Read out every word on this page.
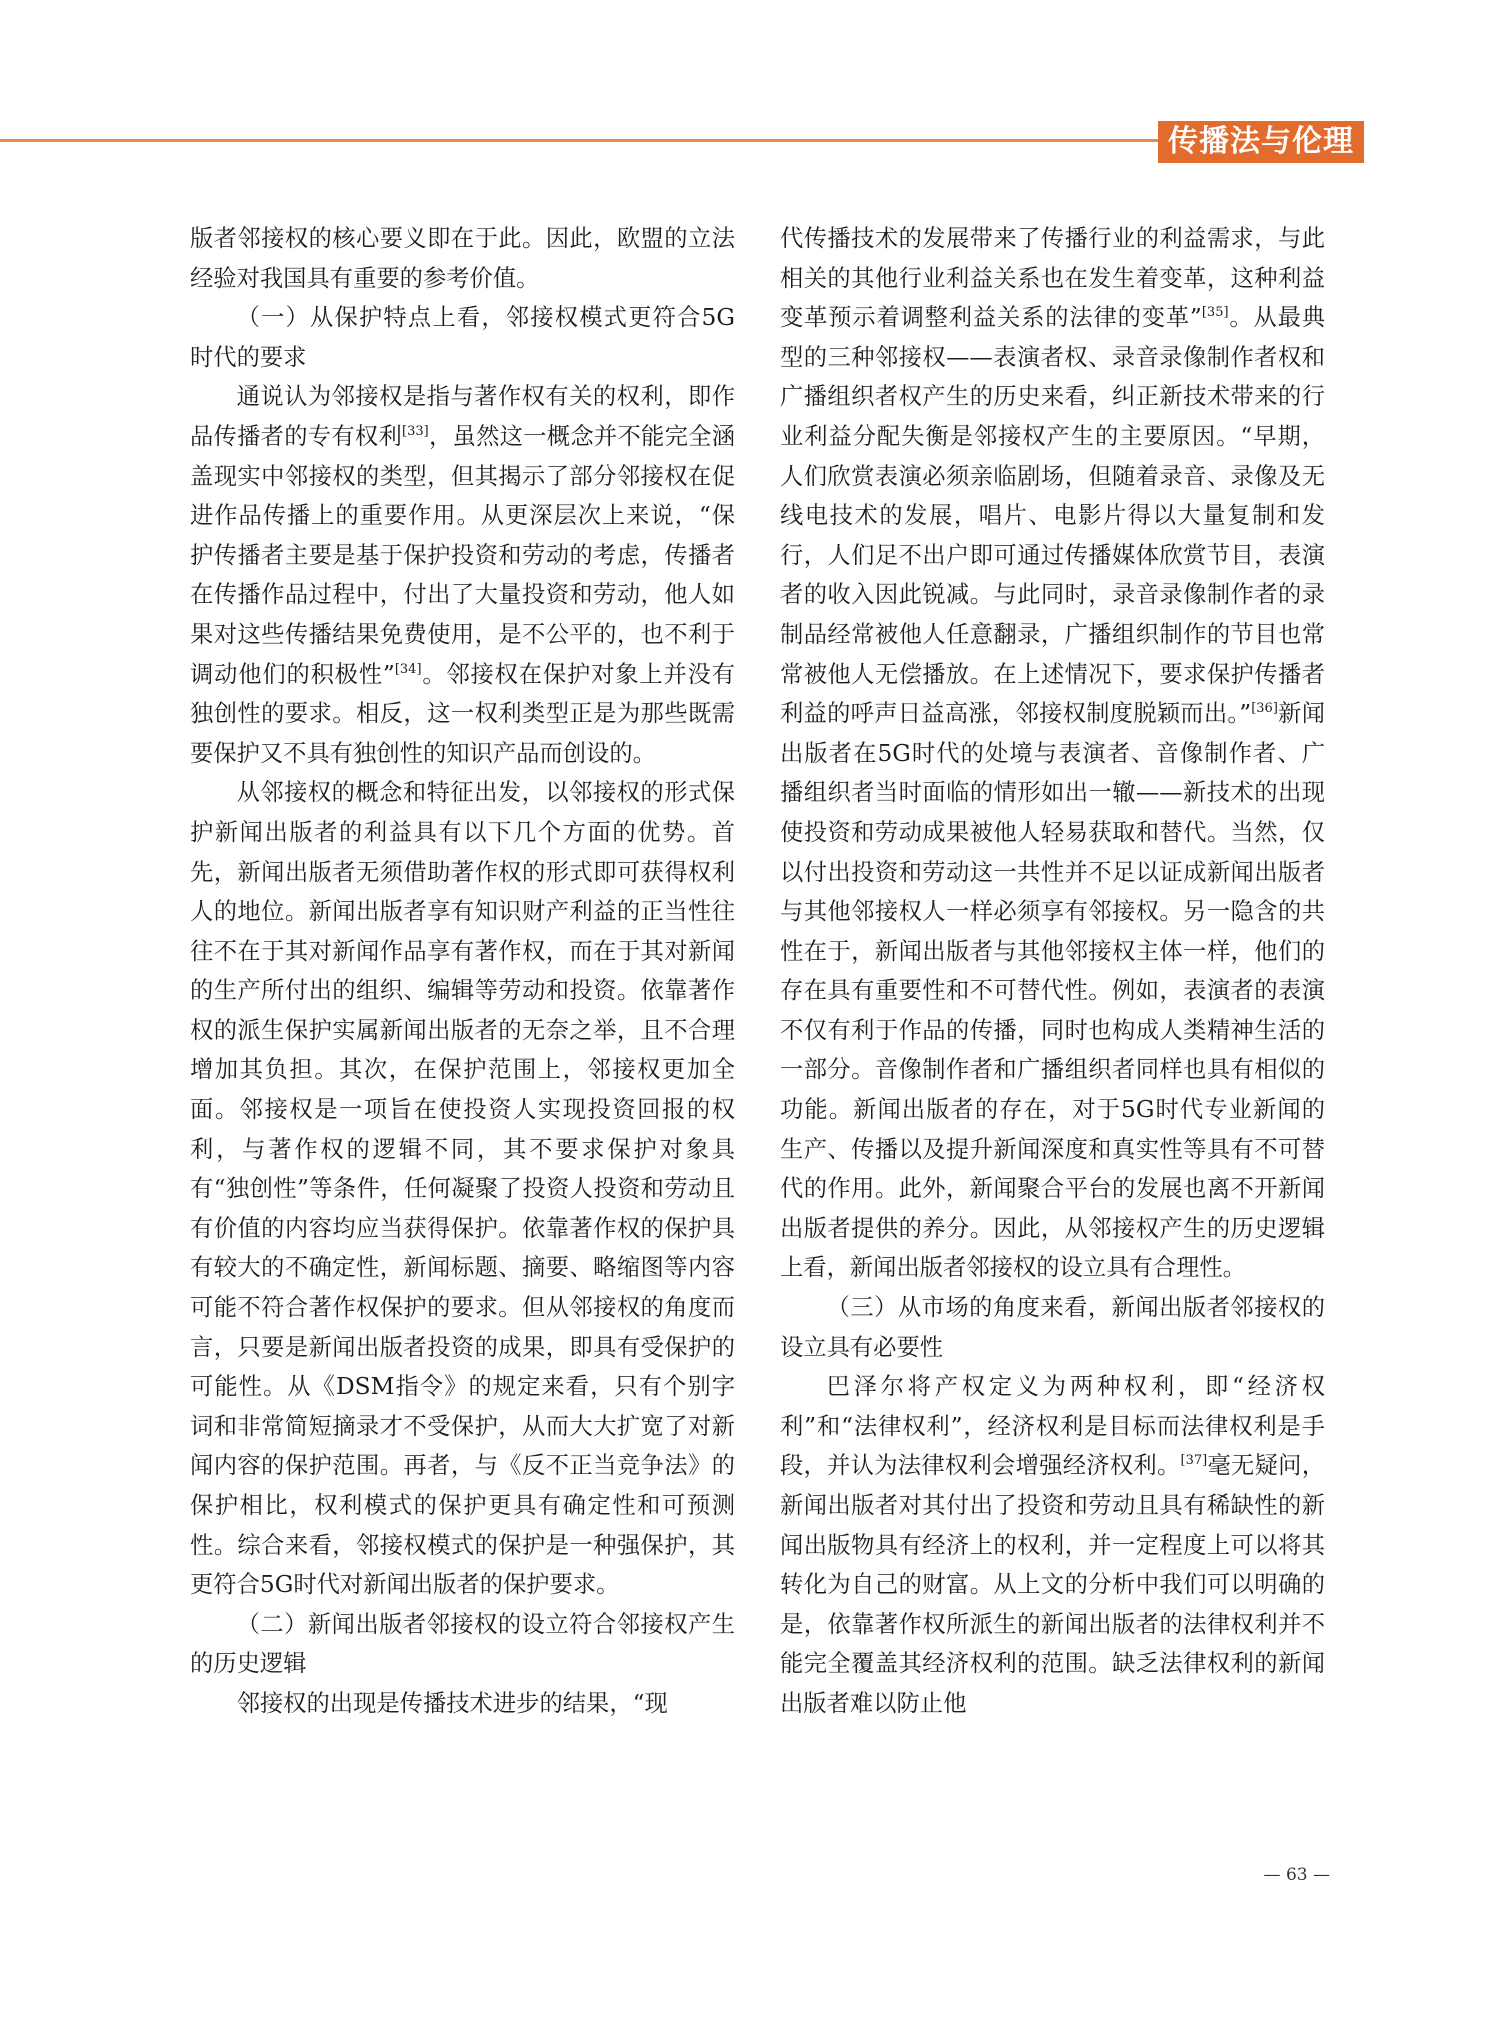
传播法与伦理

版者邻接权的核心要义即在于此。因此，欧盟的立法经验对我国具有重要的参考价值。

（一）从保护特点上看，邻接权模式更符合5G时代的要求

通说认为邻接权是指与著作权有关的权利，即作品传播者的专有权利[33]，虽然这一概念并不能完全涵盖现实中邻接权的类型，但其揭示了部分邻接权在促进作品传播上的重要作用。从更深层次上来说，“保护传播者主要是基于保护投资和劳动的考虑，传播者在传播作品过程中，付出了大量投资和劳动，他人如果对这些传播结果免费使用，是不公平的，也不利于调动他们的积极性”[34]。邻接权在保护对象上并没有独创性的要求。相反，这一权利类型正是为那些既需要保护又不具有独创性的知识产品而创设的。

从邻接权的概念和特征出发，以邻接权的形式保护新闻出版者的利益具有以下几个方面的优势。首先，新闻出版者无须借助著作权的形式即可获得权利人的地位。新闻出版者享有知识财产利益的正当性往往不在于其对新闻作品享有著作权，而在于其对新闻的生产所付出的组织、编辑等劳动和投资。依靠著作权的派生保护实属新闻出版者的无奈之举，且不合理增加其负担。其次，在保护范围上，邻接权更加全面。邻接权是一项旨在使投资人实现投资回报的权利，与著作权的逻辑不同，其不要求保护对象具有“独创性”等条件，任何凝聚了投资人投资和劳动且有价值的内容均应当获得保护。依靠著作权的保护具有较大的不确定性，新闻标题、摘要、略缩图等内容可能不符合著作权保护的要求。但从邻接权的角度而言，只要是新闻出版者投资的成果，即具有受保护的可能性。从《DSM指令》的规定来看，只有个别字词和非常简短摘录才不受保护，从而大大扩宽了对新闻内容的保护范围。再者，与《反不正当竞争法》的保护相比，权利模式的保护更具有确定性和可预测性。综合来看，邻接权模式的保护是一种强保护，其更符合5G时代对新闻出版者的保护要求。

（二）新闻出版者邻接权的设立符合邻接权产生的历史逻辑

邻接权的出现是传播技术进步的结果，“现

代传播技术的发展带来了传播行业的利益需求，与此相关的其他行业利益关系也在发生着变革，这种利益变革预示着调整利益关系的法律的变革”[35]。从最典型的三种邻接权——表演者权、录音录像制作者权和广播组织者权产生的历史来看，纠正新技术带来的行业利益分配失衡是邻接权产生的主要原因。“早期，人们欣赏表演必须亲临剧场，但随着录音、录像及无线电技术的发展，唱片、电影片得以大量复制和发行，人们足不出户即可通过传播媒体欣赏节目，表演者的收入因此锐减。与此同时，录音录像制作者的录制品经常被他人任意翻录，广播组织制作的节目也常常被他人无偿播放。在上述情况下，要求保护传播者利益的呼声日益高涨，邻接权制度脱颖而出。”[36]新闻出版者在5G时代的处境与表演者、音像制作者、广播组织者当时面临的情形如出一辙——新技术的出现使投资和劳动成果被他人轻易获取和替代。当然，仅以付出投资和劳动这一共性并不足以证成新闻出版者与其他邻接权人一样必须享有邻接权。另一隐含的共性在于，新闻出版者与其他邻接权主体一样，他们的存在具有重要性和不可替代性。例如，表演者的表演不仅有利于作品的传播，同时也构成人类精神生活的一部分。音像制作者和广播组织者同样也具有相似的功能。新闻出版者的存在，对于5G时代专业新闻的生产、传播以及提升新闻深度和真实性等具有不可替代的作用。此外，新闻聚合平台的发展也离不开新闻出版者提供的养分。因此，从邻接权产生的历史逻辑上看，新闻出版者邻接权的设立具有合理性。

（三）从市场的角度来看，新闻出版者邻接权的设立具有必要性

巴泽尔将产权定义为两种权利，即“经济权利”和“法律权利”，经济权利是目标而法律权利是手段，并认为法律权利会增强经济权利。[37]毫无疑问，新闻出版者对其付出了投资和劳动且具有稀缺性的新闻出版物具有经济上的权利，并一定程度上可以将其转化为自己的财富。从上文的分析中我们可以明确的是，依靠著作权所派生的新闻出版者的法律权利并不能完全覆盖其经济权利的范围。缺乏法律权利的新闻出版者难以防止他

— 63 —
